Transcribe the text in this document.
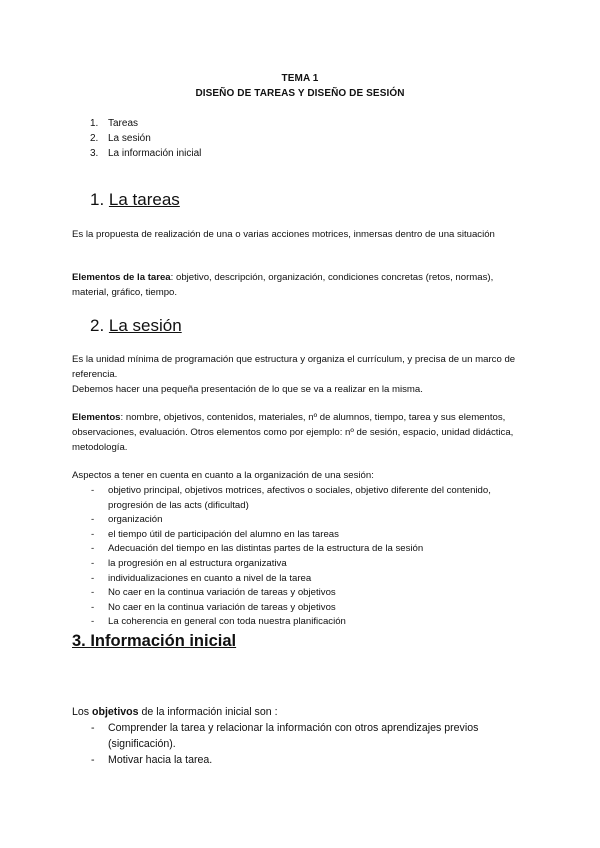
TEMA 1
DISEÑO DE TAREAS Y DISEÑO DE SESIÓN
1. Tareas
2. La sesión
3. La información inicial
1. La tareas
Es la propuesta de realización de una o varias acciones motrices, inmersas dentro de una situación
Elementos de la tarea: objetivo, descripción, organización, condiciones concretas (retos, normas), material, gráfico, tiempo.
2. La sesión
Es la unidad mínima de programación que estructura y organiza el currículum, y precisa de un marco de referencia.
Debemos hacer una pequeña presentación de lo que se va a realizar en la misma.
Elementos: nombre, objetivos, contenidos, materiales, nº de alumnos, tiempo, tarea y sus elementos, observaciones, evaluación. Otros elementos como por ejemplo: nº de sesión, espacio, unidad didáctica, metodología.
Aspectos a tener en cuenta en cuanto a la organización de una sesión:
-	objetivo principal, objetivos motrices, afectivos o sociales, objetivo diferente del contenido, progresión de las acts (dificultad)
-	organización
-	el tiempo útil de participación del alumno en las tareas
-	Adecuación del tiempo en las distintas partes de la estructura de la sesión
-	la progresión en al estructura organizativa
-	individualizaciones en cuanto a nivel de la tarea
-	No caer en la continua variación de tareas y objetivos
-	No caer en la continua variación de tareas y objetivos
-	La coherencia en general con toda nuestra planificación
3. Información inicial
Los objetivos de la información inicial son :
-	Comprender la tarea y relacionar la información con otros aprendizajes previos (significación).
-	Motivar hacia la tarea.
